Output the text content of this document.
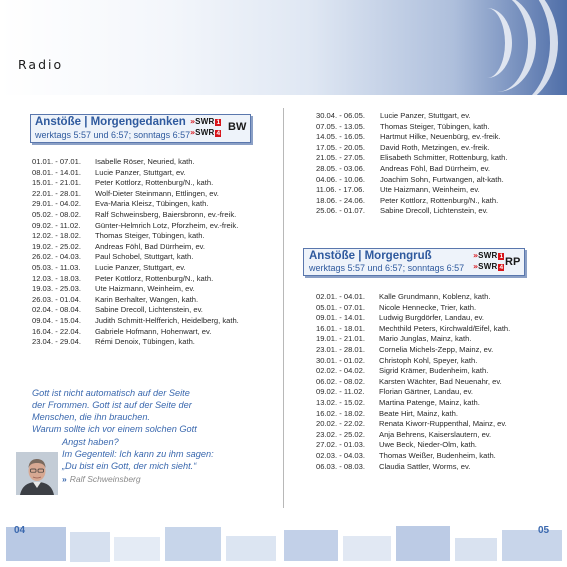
Radio
Anstöße | Morgengedanken
werktags 5:57 und 6:57; sonntags 6:57
» SWR 1
» SWR 4
BW
01.01. - 07.01. Isabelle Röser, Neuried, kath.
08.01. - 14.01. Lucie Panzer, Stuttgart, ev.
15.01. - 21.01. Peter Kottlorz, Rottenburg/N., kath.
22.01. - 28.01. Wolf-Dieter Steinmann, Ettlingen, ev.
29.01. - 04.02. Eva-Maria Kleisz, Tübingen, kath.
05.02. - 08.02. Ralf Schweinsberg, Baiersbronn, ev.-freik.
09.02. - 11.02. Günter-Helmrich Lotz, Pforzheim, ev.-freik.
12.02. - 18.02. Thomas Steiger, Tübingen, kath.
19.02. - 25.02. Andreas Föhl, Bad Dürrheim, ev.
26.02. - 04.03. Paul Schobel, Stuttgart, kath.
05.03. - 11.03. Lucie Panzer, Stuttgart, ev.
12.03. - 18.03. Peter Kottlorz, Rottenburg/N., kath.
19.03. - 25.03. Ute Haizmann, Weinheim, ev.
26.03. - 01.04. Karin Berhalter, Wangen, kath.
02.04. - 08.04. Sabine Drecoll, Lichtenstein, ev.
09.04. - 15.04. Judith Schmitt-Helfferich, Heidelberg, kath.
16.04. - 22.04. Gabriele Hofmann, Hohenwart, ev.
23.04. - 29.04. Rémi Denoix, Tübingen, kath.
30.04. - 06.05. Lucie Panzer, Stuttgart, ev.
07.05. - 13.05. Thomas Steiger, Tübingen, kath.
14.05. - 16.05. Hartmut Hilke, Neuenbürg, ev.-freik.
17.05. - 20.05. David Roth, Metzingen, ev.-freik.
21.05. - 27.05. Elisabeth Schmitter, Rottenburg, kath.
28.05. - 03.06. Andreas Föhl, Bad Dürrheim, ev.
04.06. - 10.06. Joachim Sohn, Furtwangen, alt-kath.
11.06. - 17.06. Ute Haizmann, Weinheim, ev.
18.06. - 24.06. Peter Kottlorz, Rottenburg/N., kath.
25.06. - 01.07. Sabine Drecoll, Lichtenstein, ev.
Anstöße | Morgengruß
werktags 5:57 und 6:57; sonntags 6:57
» SWR 1
» SWR 4 RP
02.01. - 04.01. Kalle Grundmann, Koblenz, kath.
05.01. - 07.01. Nicole Hennecke, Trier, kath.
09.01. - 14.01. Ludwig Burgdörfer, Landau, ev.
16.01. - 18.01. Mechthild Peters, Kirchwald/Eifel, kath.
19.01. - 21.01. Mario Junglas, Mainz, kath.
23.01. - 28.01. Cornelia Michels-Zepp, Mainz, ev.
30.01. - 01.02. Christoph Kohl, Speyer, kath.
02.02. - 04.02. Sigrid Krämer, Budenheim, kath.
06.02. - 08.02. Karsten Wächter, Bad Neuenahr, ev.
09.02. - 11.02. Florian Gärtner, Landau, ev.
13.02. - 15.02. Martina Patenge, Mainz, kath.
16.02. - 18.02. Beate Hirt, Mainz, kath.
20.02. - 22.02. Renata Kiworr-Ruppenthal, Mainz, ev.
23.02. - 25.02. Anja Behrens, Kaiserslautern, ev.
27.02. - 01.03. Uwe Beck, Nieder-Olm, kath.
02.03. - 04.03. Thomas Weißer, Budenheim, kath.
06.03. - 08.03. Claudia Sattler, Worms, ev.
Gott ist nicht automatisch auf der Seite
der Frommen. Gott ist auf der Seite der
Menschen, die ihn brauchen.
Warum sollte ich vor einem solchen Gott
Angst haben?
Im Gegenteil: Ich kann zu ihm sagen:
„Du bist ein Gott, der mich sieht.“
» Ralf Schweinsberg
04	05
